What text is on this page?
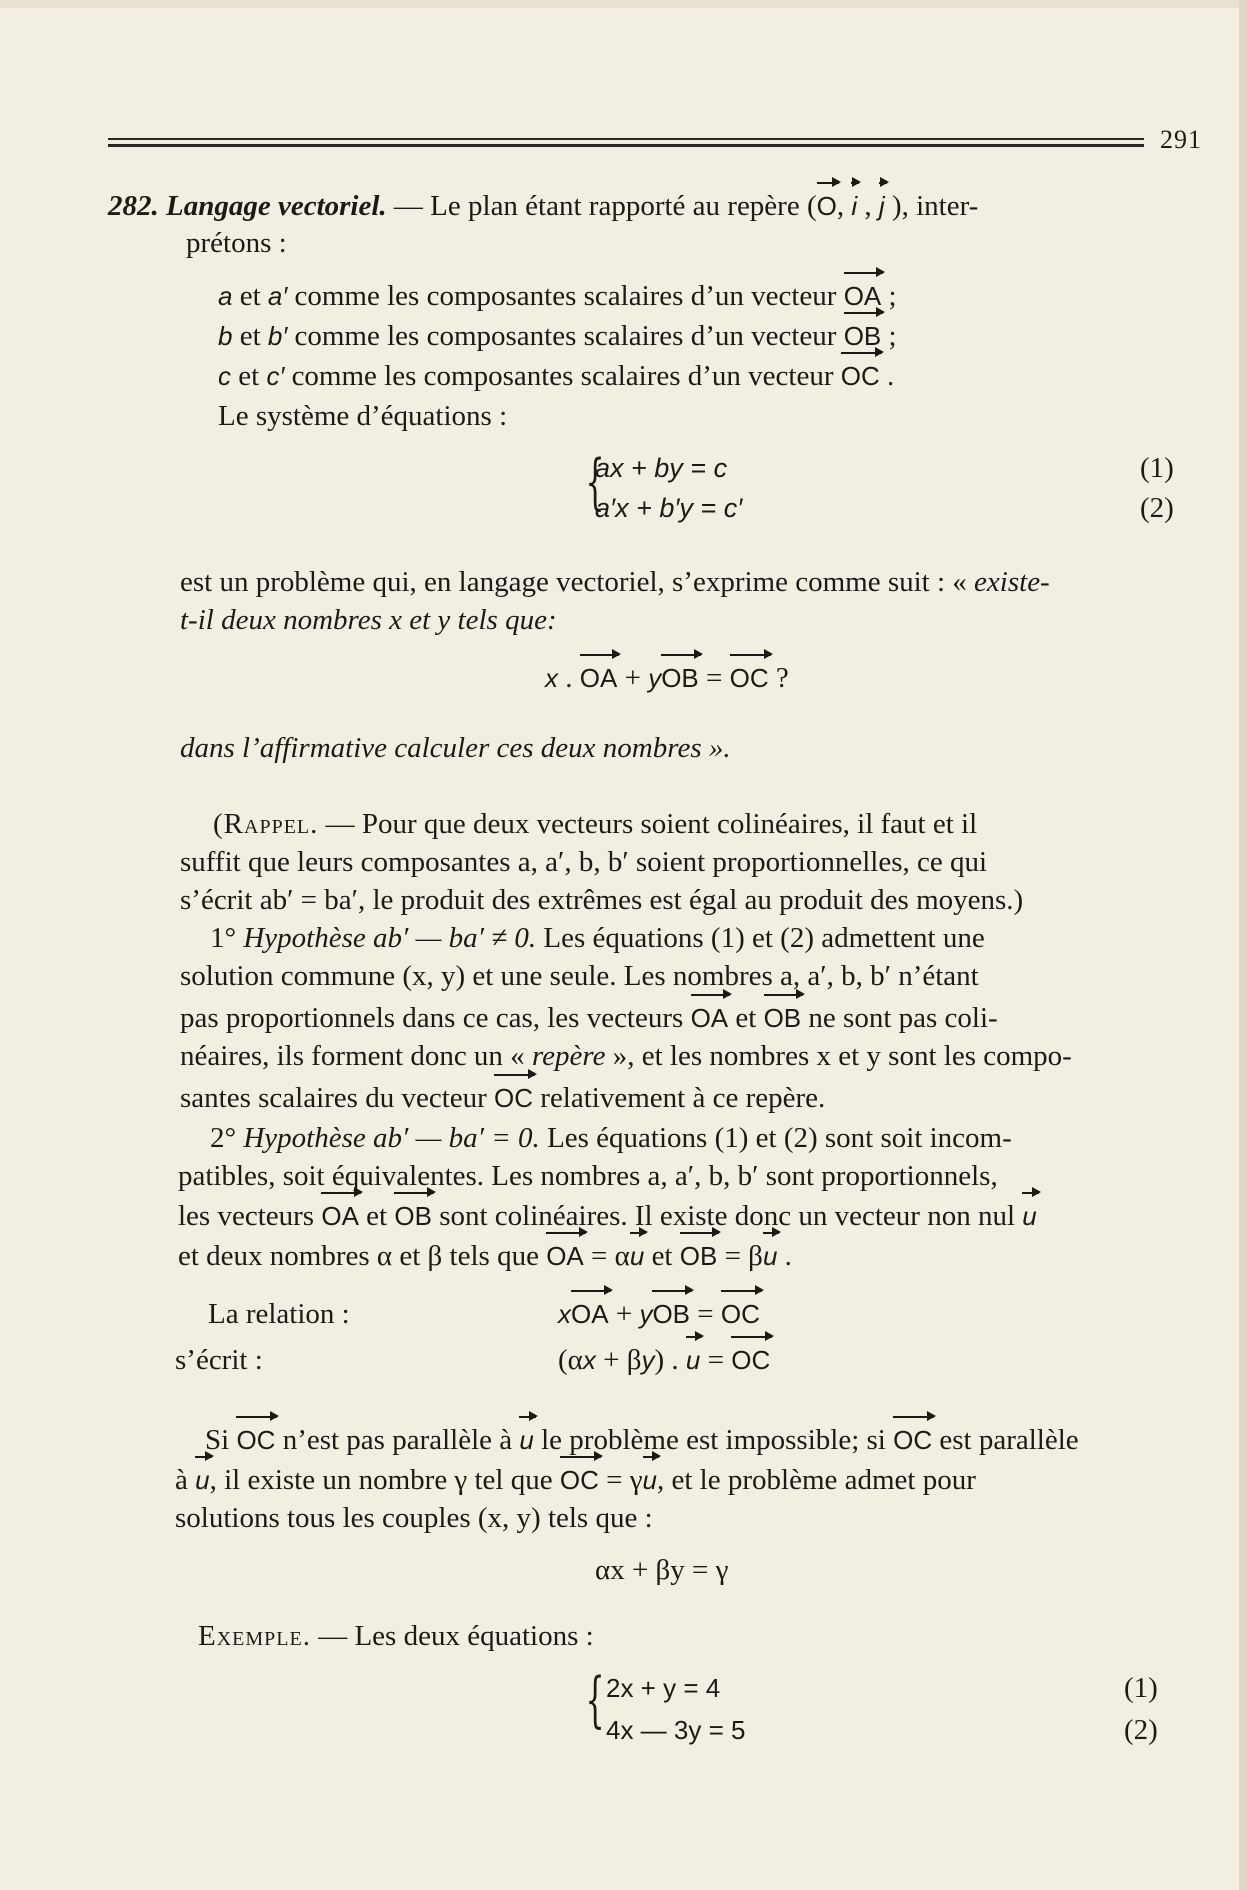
291
282. Langage vectoriel. — Le plan étant rapporté au repère (O, i , j ), inter-
prétons :
a et a′ comme les composantes scalaires d’un vecteur OA ;
b et b′ comme les composantes scalaires d’un vecteur OB ;
c et c′ comme les composantes scalaires d’un vecteur OC .
Le système d’équations :
{
ax + by = c	(1)
a′x + b′y = c′	(2)
est un problème qui, en langage vectoriel, s’exprime comme suit : « existe-
t-il deux nombres x et y tels que:
x . OA + yOB = OC ?
dans l’affirmative calculer ces deux nombres ».
(Rappel. — Pour que deux vecteurs soient colinéaires, il faut et il
suffit que leurs composantes a, a′, b, b′ soient proportionnelles, ce qui
s’écrit ab′ = ba′, le produit des extrêmes est égal au produit des moyens.)
1° Hypothèse ab′ — ba′ ≠ 0. Les équations (1) et (2) admettent une
solution commune (x, y) et une seule. Les nombres a, a′, b, b′ n’étant
pas proportionnels dans ce cas, les vecteurs OA et OB ne sont pas coli-
néaires, ils forment donc un « repère », et les nombres x et y sont les compo-
santes scalaires du vecteur OC relativement à ce repère.
2° Hypothèse ab′ — ba′ = 0. Les équations (1) et (2) sont soit incom-
patibles, soit équivalentes. Les nombres a, a′, b, b′ sont proportionnels,
les vecteurs OA et OB sont colinéaires. Il existe donc un vecteur non nul u
et deux nombres α et β tels que OA = αu et OB = βu .
La relation :	xOA + yOB = OC
s’écrit :	(αx + βy) . u = OC
Si OC n’est pas parallèle à u le problème est impossible; si OC est parallèle
à u, il existe un nombre γ tel que OC = γu, et le problème admet pour
solutions tous les couples (x, y) tels que :
αx + βy = γ
Exemple. — Les deux équations :
{ 2x + y = 4	(1)
4x — 3y = 5	(2)
